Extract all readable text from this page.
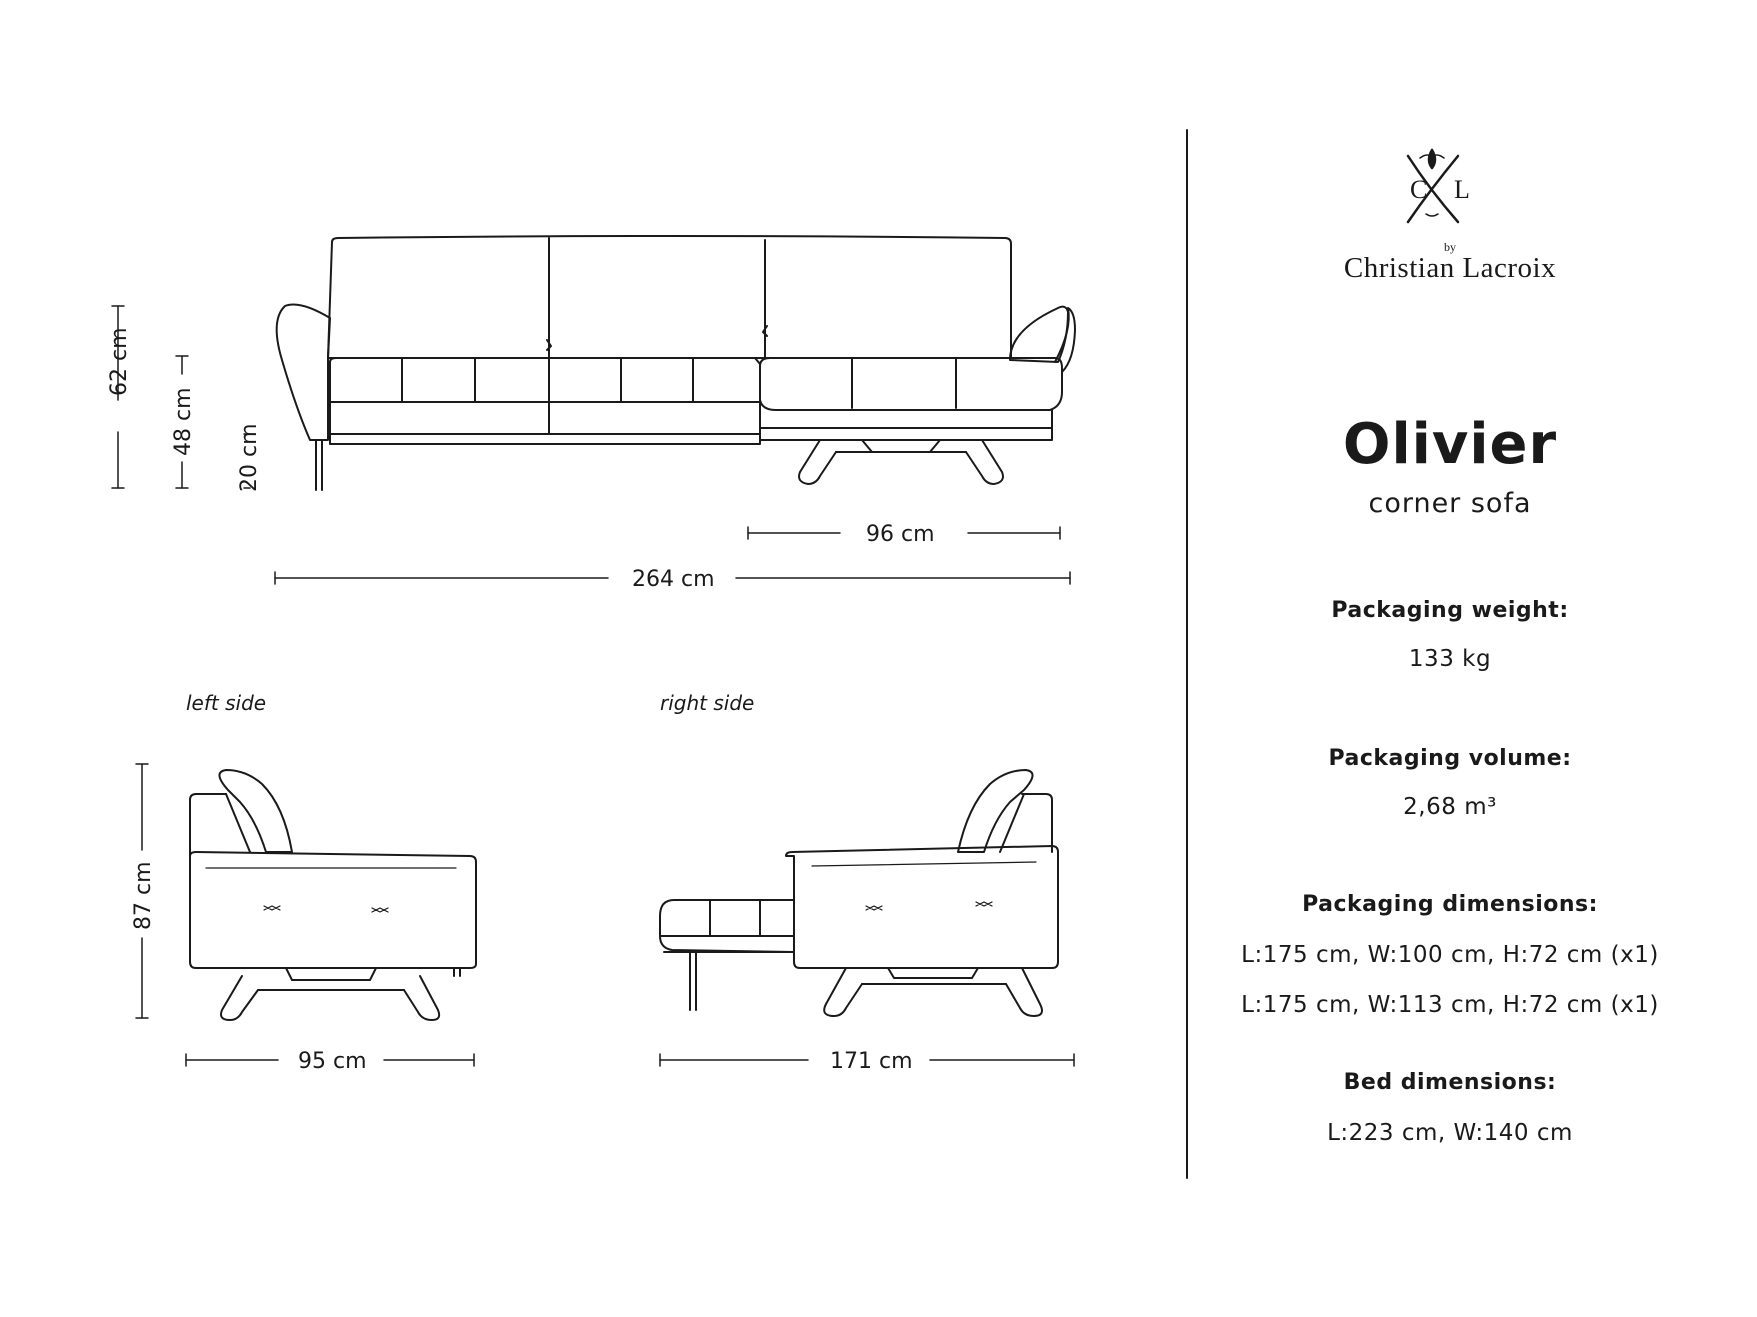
C L
62 cm
48 cm
20 cm
96 cm
264 cm
left side	right side
87 cm
95 cm	171 cm
by
Christian Lacroix
Olivier
corner sofa
Packaging weight:
133 kg
Packaging volume:
2,68 m³
Packaging dimensions:
L:175 cm, W:100 cm, H:72 cm (x1)
L:175 cm, W:113 cm, H:72 cm (x1)
Bed dimensions:
L:223 cm, W:140 cm
